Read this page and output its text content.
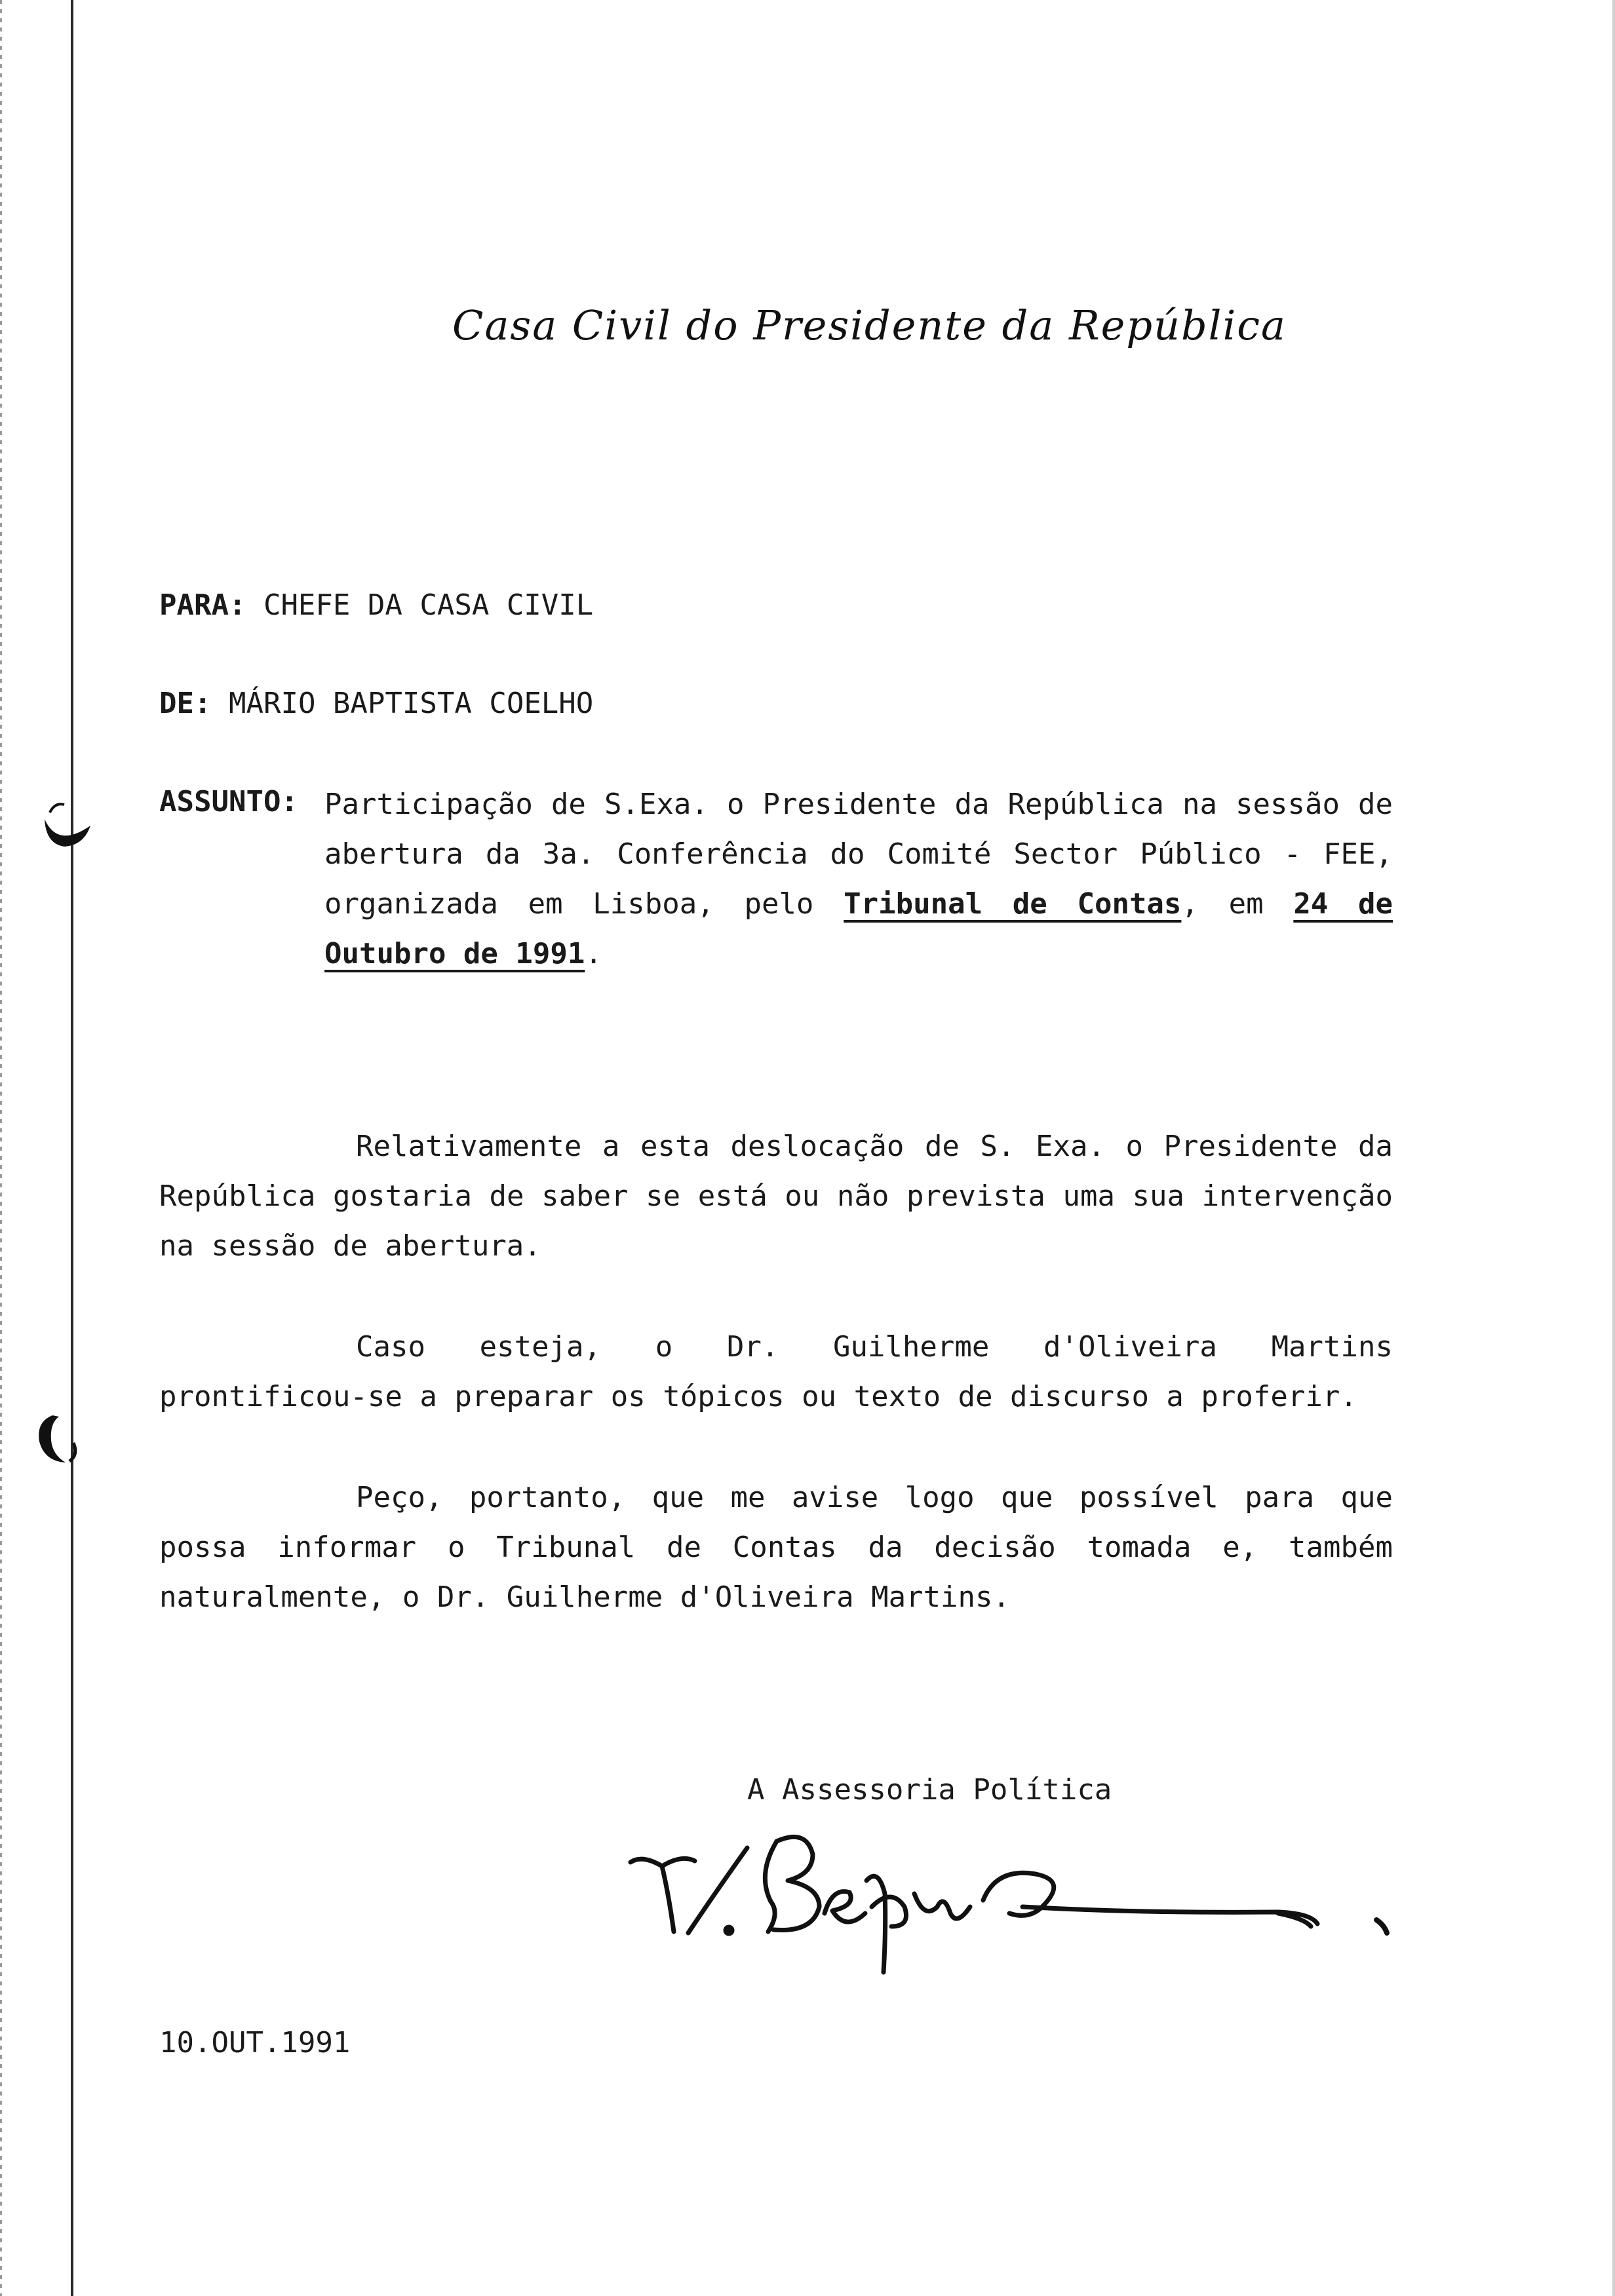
Casa Civil do Presidente da República
PARA: CHEFE DA CASA CIVIL
DE: MÁRIO BAPTISTA COELHO
ASSUNTO: Participação de S.Exa. o Presidente da República na sessão de abertura da 3a. Conferência do Comité Sector Público - FEE, organizada em Lisboa, pelo Tribunal de Contas, em 24 de Outubro de 1991.

Relativamente a esta deslocação de S. Exa. o Presidente da República gostaria de saber se está ou não prevista uma sua intervenção na sessão de abertura.

Caso esteja, o Dr. Guilherme d'Oliveira Martins prontificou-se a preparar os tópicos ou texto de discurso a proferir.

Peço, portanto, que me avise logo que possível para que possa informar o Tribunal de Contas da decisão tomada e, também naturalmente, o Dr. Guilherme d'Oliveira Martins.

A Assessoria Política
10.OUT.1991
